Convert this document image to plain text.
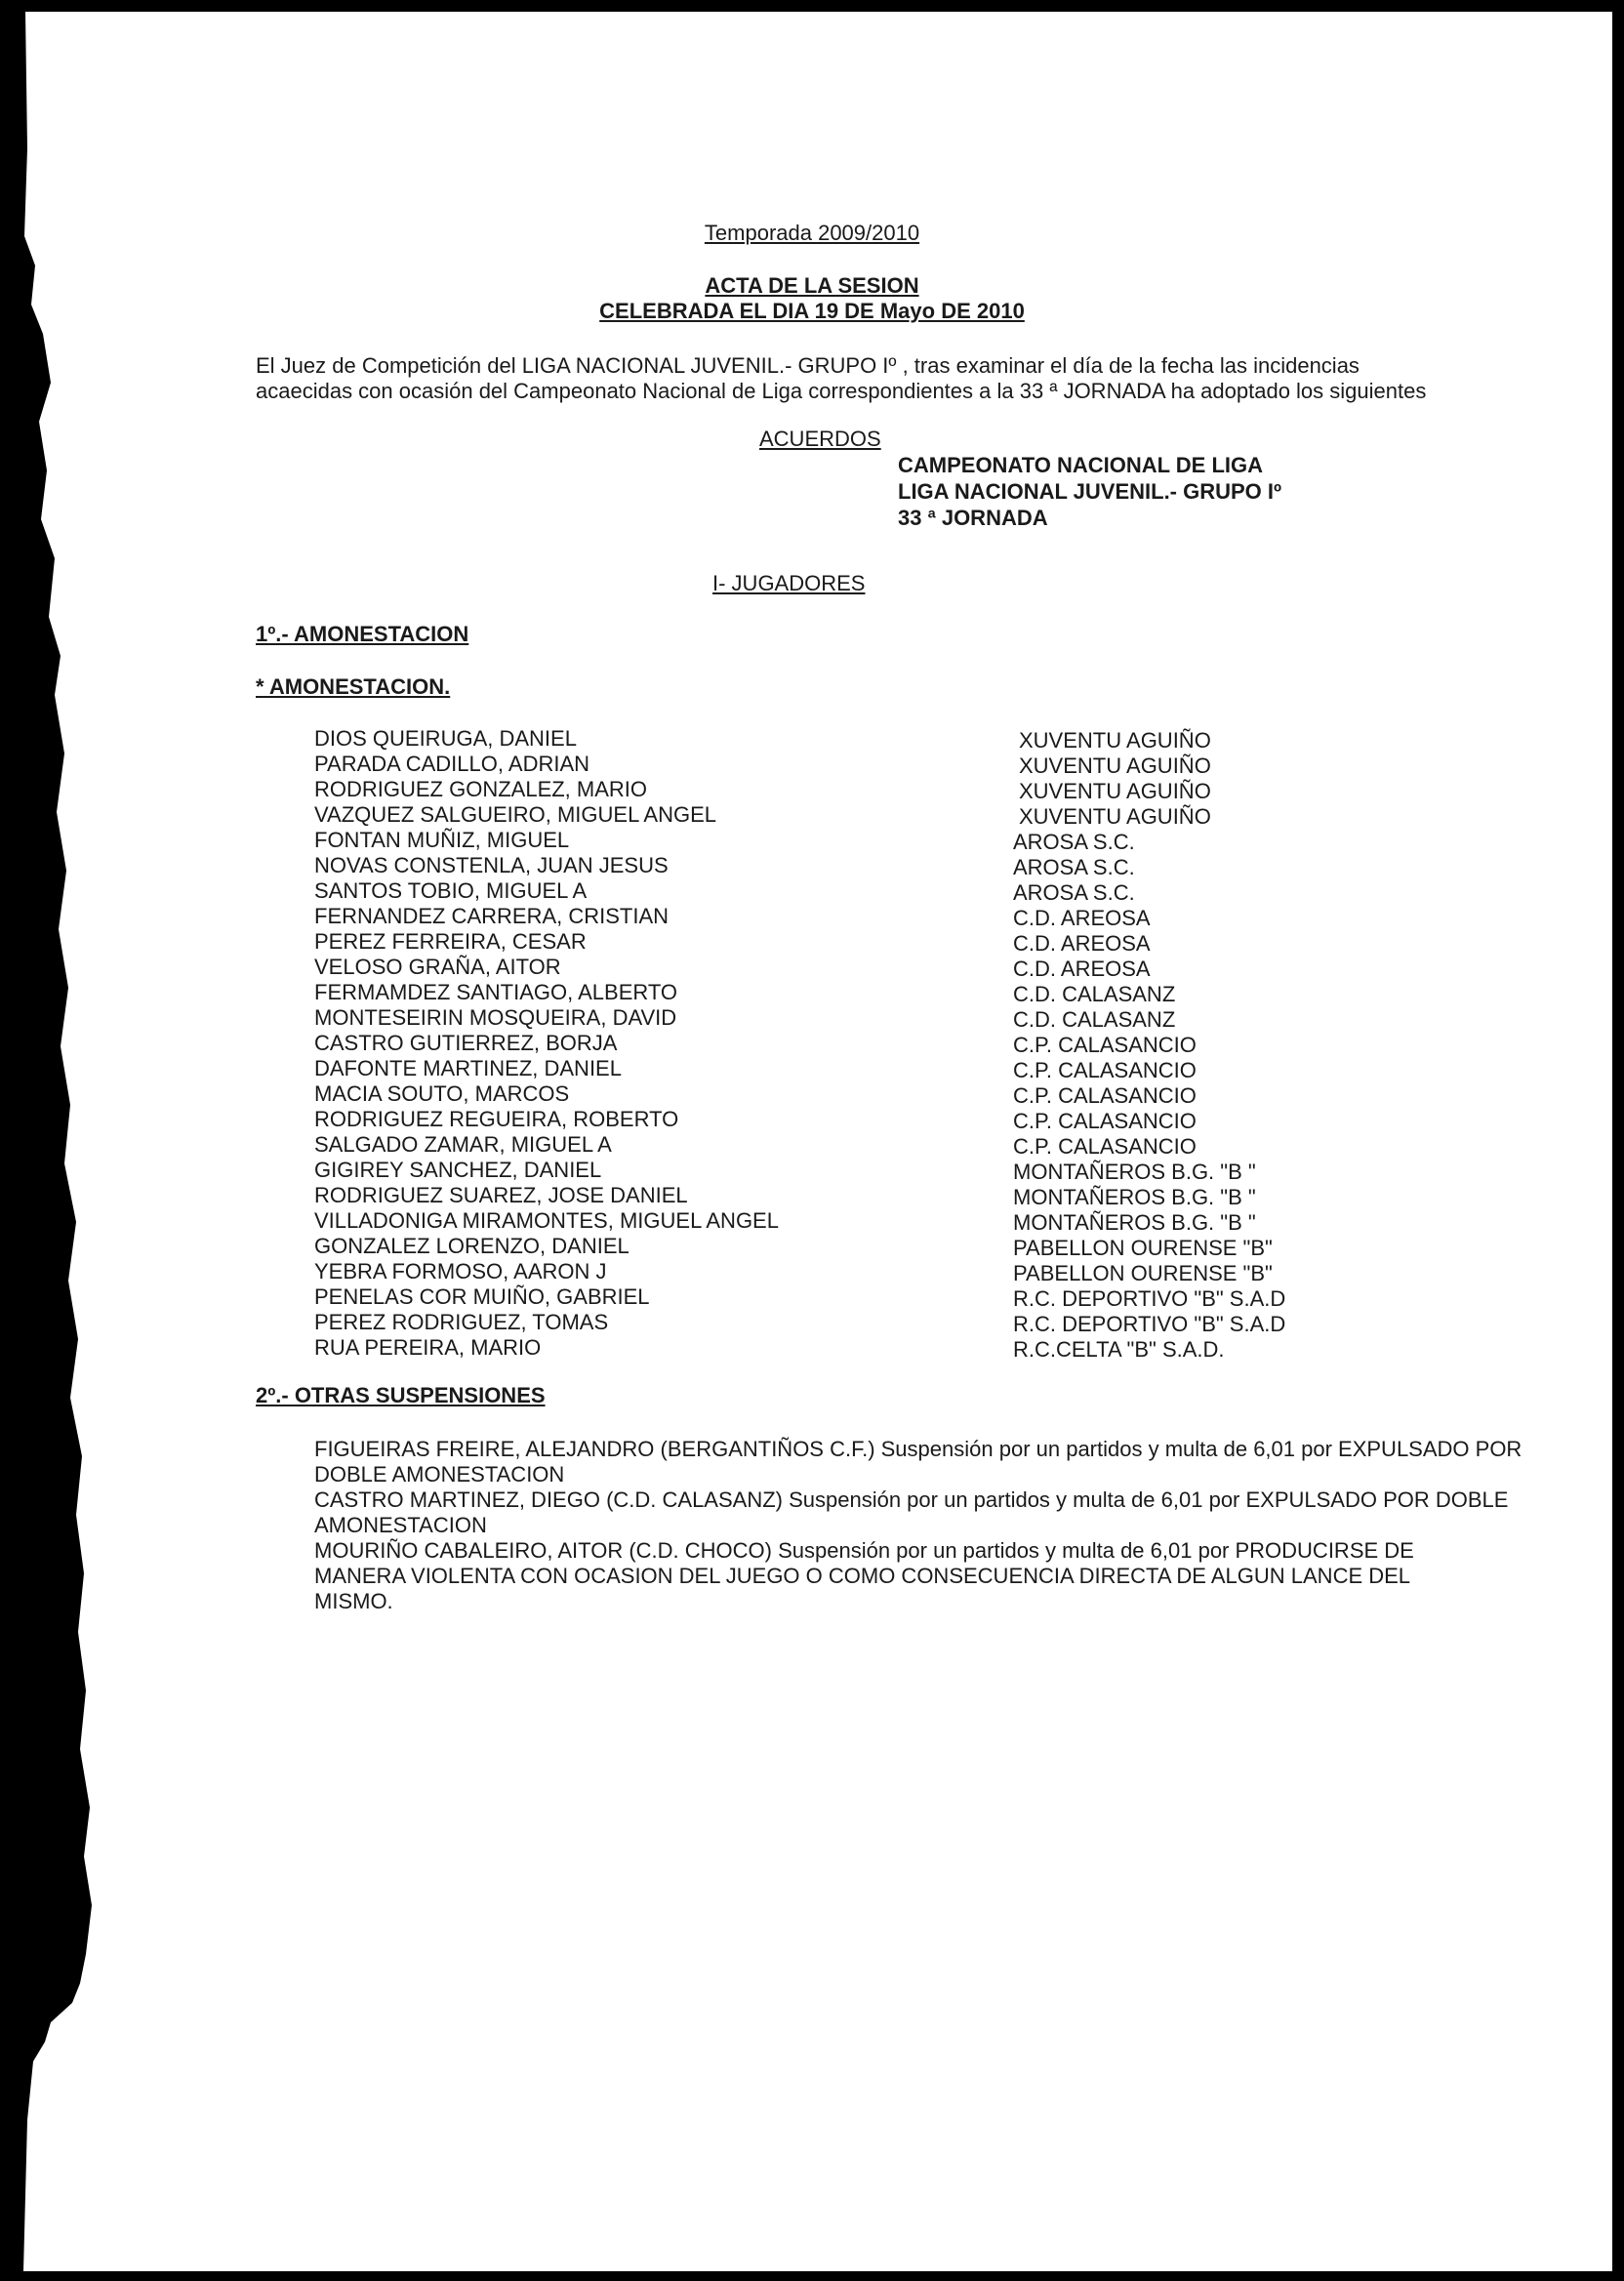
Temporada 2009/2010
ACTA DE LA SESION
CELEBRADA EL DIA 19 DE Mayo DE 2010
El Juez de Competición del LIGA NACIONAL JUVENIL.- GRUPO Iº , tras examinar el día de la fecha las incidencias
acaecidas con ocasión del Campeonato Nacional de Liga correspondientes a la 33 ª JORNADA ha adoptado los siguientes
ACUERDOS
CAMPEONATO NACIONAL DE LIGA
LIGA NACIONAL JUVENIL.- GRUPO Iº
33 ª JORNADA
I- JUGADORES
1º.- AMONESTACION
* AMONESTACION.
DIOS QUEIRUGA, DANIEL	XUVENTU AGUIÑO
PARADA CADILLO, ADRIAN	XUVENTU AGUIÑO
RODRIGUEZ GONZALEZ, MARIO	XUVENTU AGUIÑO
VAZQUEZ SALGUEIRO, MIGUEL ANGEL	XUVENTU AGUIÑO
FONTAN MUÑIZ, MIGUEL	AROSA S.C.
NOVAS CONSTENLA, JUAN JESUS	AROSA S.C.
SANTOS TOBIO, MIGUEL A	AROSA S.C.
FERNANDEZ CARRERA, CRISTIAN	C.D. AREOSA
PEREZ FERREIRA, CESAR	C.D. AREOSA
VELOSO GRAÑA, AITOR	C.D. AREOSA
FERMAMDEZ SANTIAGO, ALBERTO	C.D. CALASANZ
MONTESEIRIN MOSQUEIRA, DAVID	C.D. CALASANZ
CASTRO GUTIERREZ, BORJA	C.P. CALASANCIO
DAFONTE MARTINEZ, DANIEL	C.P. CALASANCIO
MACIA SOUTO, MARCOS	C.P. CALASANCIO
RODRIGUEZ REGUEIRA, ROBERTO	C.P. CALASANCIO
SALGADO ZAMAR, MIGUEL A	C.P. CALASANCIO
GIGIREY SANCHEZ, DANIEL	MONTAÑEROS B.G. "B "
RODRIGUEZ SUAREZ, JOSE DANIEL	MONTAÑEROS B.G. "B "
VILLADONIGA MIRAMONTES, MIGUEL ANGEL	MONTAÑEROS B.G. "B "
GONZALEZ LORENZO, DANIEL	PABELLON OURENSE "B"
YEBRA FORMOSO, AARON J	PABELLON OURENSE "B"
PENELAS COR MUIÑO, GABRIEL	R.C. DEPORTIVO "B" S.A.D
PEREZ RODRIGUEZ, TOMAS	R.C. DEPORTIVO "B" S.A.D
RUA PEREIRA, MARIO	R.C.CELTA "B" S.A.D.
2º.- OTRAS SUSPENSIONES
FIGUEIRAS FREIRE, ALEJANDRO (BERGANTIÑOS C.F.) Suspensión por un partidos y multa de 6,01 por EXPULSADO POR DOBLE AMONESTACION
CASTRO MARTINEZ, DIEGO (C.D. CALASANZ) Suspensión por un partidos y multa de 6,01 por EXPULSADO POR DOBLE AMONESTACION
MOURIÑO CABALEIRO, AITOR (C.D. CHOCO) Suspensión por un partidos y multa de 6,01 por PRODUCIRSE DE MANERA VIOLENTA CON OCASION DEL JUEGO O COMO CONSECUENCIA DIRECTA DE ALGUN LANCE DEL MISMO.
